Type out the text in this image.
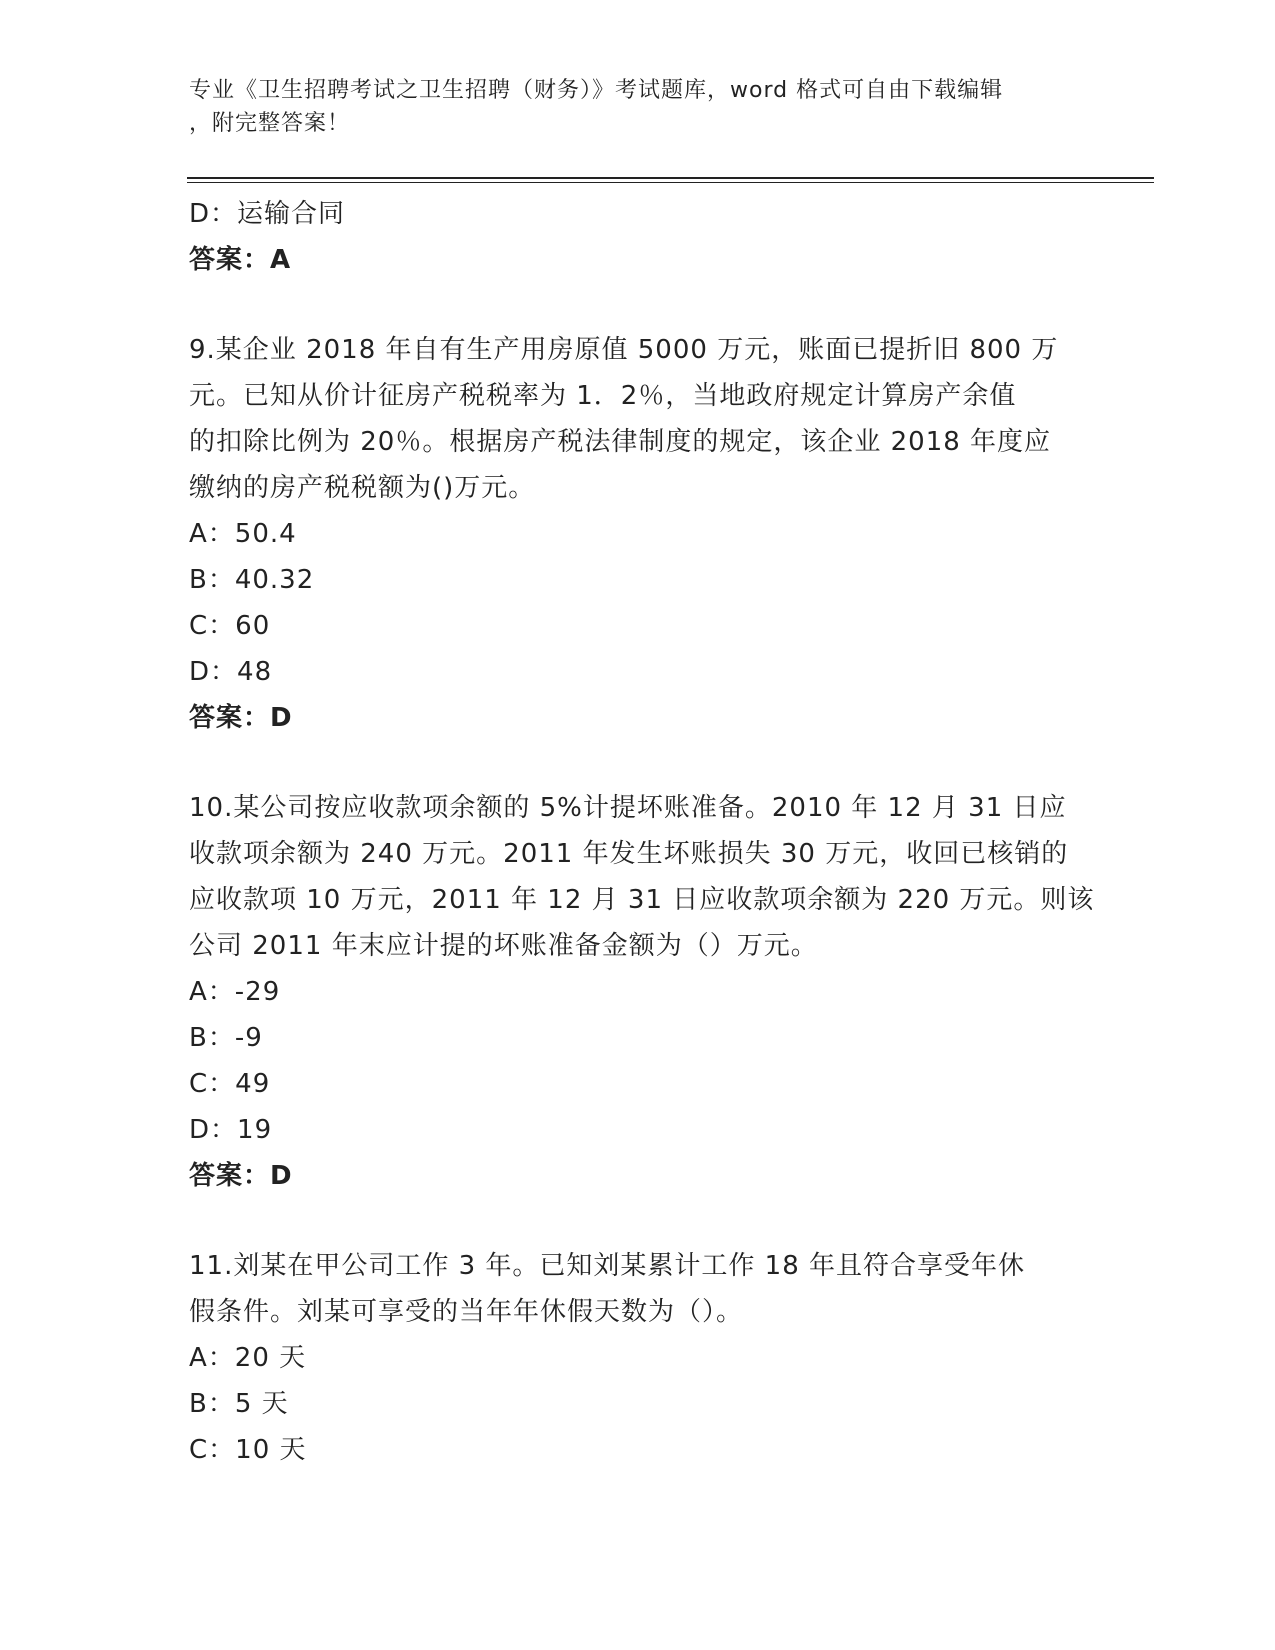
专业《卫生招聘考试之卫生招聘（财务）》考试题库，word 格式可自由下载编辑
，附完整答案！
D：运输合同
答案：A
9.某企业 2018 年自有生产用房原值 5000 万元，账面已提折旧 800 万
元。已知从价计征房产税税率为 1．2％，当地政府规定计算房产余值
的扣除比例为 20％。根据房产税法律制度的规定，该企业 2018 年度应
缴纳的房产税税额为()万元。
A：50.4
B：40.32
C：60
D：48
答案：D
10.某公司按应收款项余额的 5%计提坏账准备。2010 年 12 月 31 日应
收款项余额为 240 万元。2011 年发生坏账损失 30 万元，收回已核销的
应收款项 10 万元，2011 年 12 月 31 日应收款项余额为 220 万元。则该
公司 2011 年末应计提的坏账准备金额为（）万元。
A：-29
B：-9
C：49
D：19
答案：D
11.刘某在甲公司工作 3 年。已知刘某累计工作 18 年且符合享受年休
假条件。刘某可享受的当年年休假天数为（）。
A：20 天
B：5 天
C：10 天
